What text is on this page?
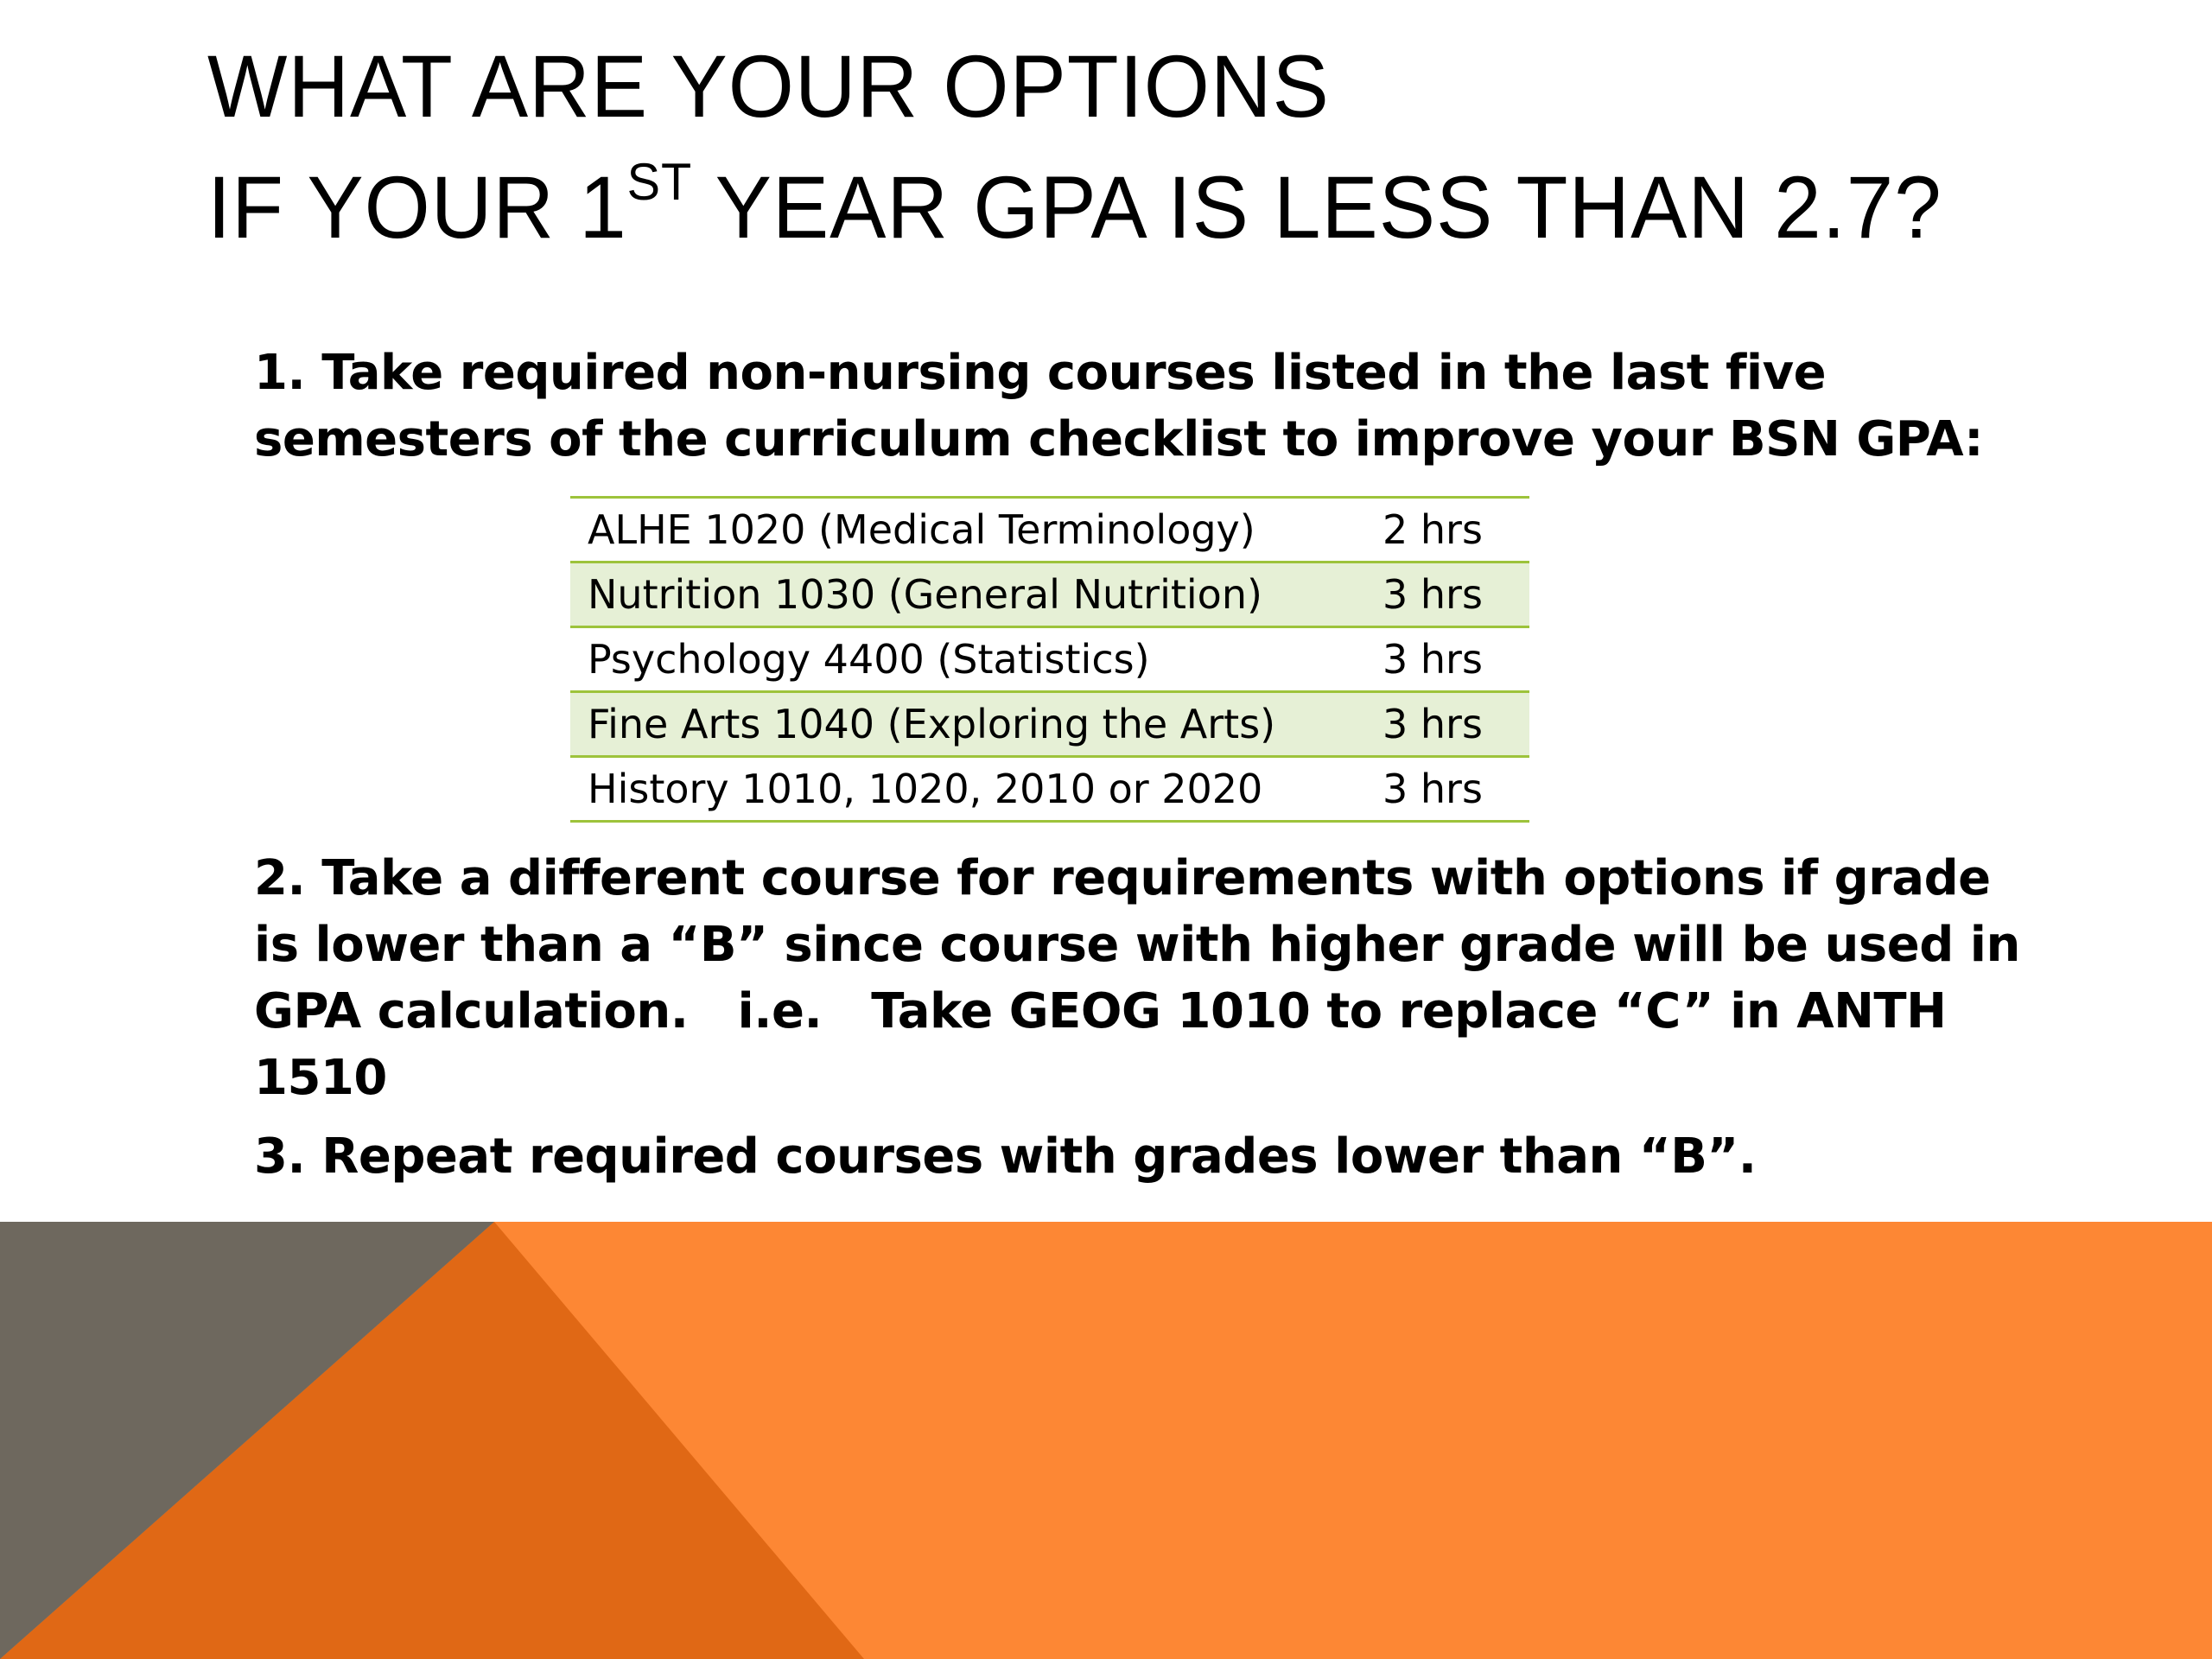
WHAT ARE YOUR OPTIONS
IF YOUR 1ST YEAR GPA IS LESS THAN 2.7?

1. Take required non-nursing courses listed in the last five semesters of the curriculum checklist to improve your BSN GPA:

ALHE 1020 (Medical Terminology)	2 hrs
Nutrition 1030 (General Nutrition)	3 hrs
Psychology 4400 (Statistics)	3 hrs
Fine Arts 1040 (Exploring the Arts)	3 hrs
History 1010, 1020, 2010 or 2020	3 hrs

2. Take a different course for requirements with options if grade is lower than a “B” since course with higher grade will be used in GPA calculation.   i.e.   Take GEOG 1010 to replace “C” in ANTH 1510

3. Repeat required courses with grades lower than “B”.
